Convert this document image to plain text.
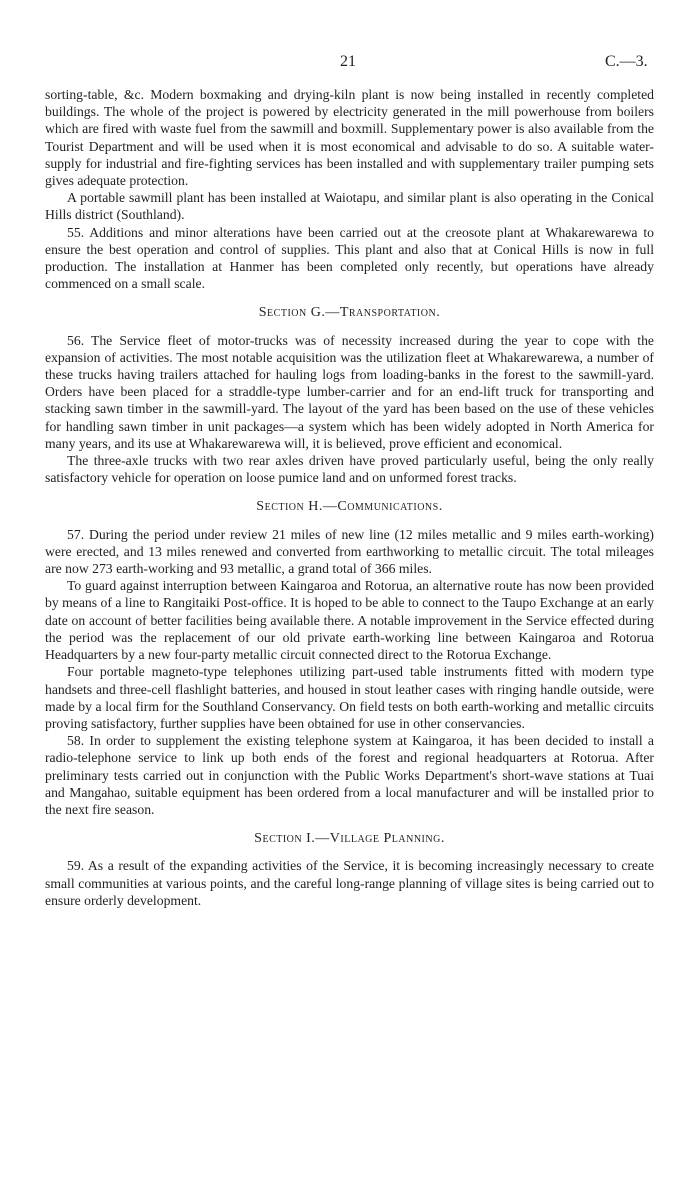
21	C.—3.

sorting-table, &c. Modern boxmaking and drying-kiln plant is now being installed in recently completed buildings. The whole of the project is powered by electricity generated in the mill powerhouse from boilers which are fired with waste fuel from the sawmill and boxmill. Supplementary power is also available from the Tourist Department and will be used when it is most economical and advisable to do so. A suitable water-supply for industrial and fire-fighting services has been installed and with supplementary trailer pumping sets gives adequate protection.

A portable sawmill plant has been installed at Waiotapu, and similar plant is also operating in the Conical Hills district (Southland).

55. Additions and minor alterations have been carried out at the creosote plant at Whakarewarewa to ensure the best operation and control of supplies. This plant and also that at Conical Hills is now in full production. The installation at Hanmer has been completed only recently, but operations have already commenced on a small scale.

Section G.—Transportation.

56. The Service fleet of motor-trucks was of necessity increased during the year to cope with the expansion of activities. The most notable acquisition was the utilization fleet at Whakarewarewa, a number of these trucks having trailers attached for hauling logs from loading-banks in the forest to the sawmill-yard. Orders have been placed for a straddle-type lumber-carrier and for an end-lift truck for transporting and stacking sawn timber in the sawmill-yard. The layout of the yard has been based on the use of these vehicles for handling sawn timber in unit packages—a system which has been widely adopted in North America for many years, and its use at Whakarewarewa will, it is believed, prove efficient and economical.

The three-axle trucks with two rear axles driven have proved particularly useful, being the only really satisfactory vehicle for operation on loose pumice land and on unformed forest tracks.

Section H.—Communications.

57. During the period under review 21 miles of new line (12 miles metallic and 9 miles earth-working) were erected, and 13 miles renewed and converted from earthworking to metallic circuit. The total mileages are now 273 earth-working and 93 metallic, a grand total of 366 miles.

To guard against interruption between Kaingaroa and Rotorua, an alternative route has now been provided by means of a line to Rangitaiki Post-office. It is hoped to be able to connect to the Taupo Exchange at an early date on account of better facilities being available there. A notable improvement in the Service effected during the period was the replacement of our old private earth-working line between Kaingaroa and Rotorua Headquarters by a new four-party metallic circuit connected direct to the Rotorua Exchange.

Four portable magneto-type telephones utilizing part-used table instruments fitted with modern type handsets and three-cell flashlight batteries, and housed in stout leather cases with ringing handle outside, were made by a local firm for the Southland Conservancy. On field tests on both earth-working and metallic circuits proving satisfactory, further supplies have been obtained for use in other conservancies.

58. In order to supplement the existing telephone system at Kaingaroa, it has been decided to install a radio-telephone service to link up both ends of the forest and regional headquarters at Rotorua. After preliminary tests carried out in conjunction with the Public Works Department's short-wave stations at Tuai and Mangahao, suitable equipment has been ordered from a local manufacturer and will be installed prior to the next fire season.

Section I.—Village Planning.

59. As a result of the expanding activities of the Service, it is becoming increasingly necessary to create small communities at various points, and the careful long-range planning of village sites is being carried out to ensure orderly development.
